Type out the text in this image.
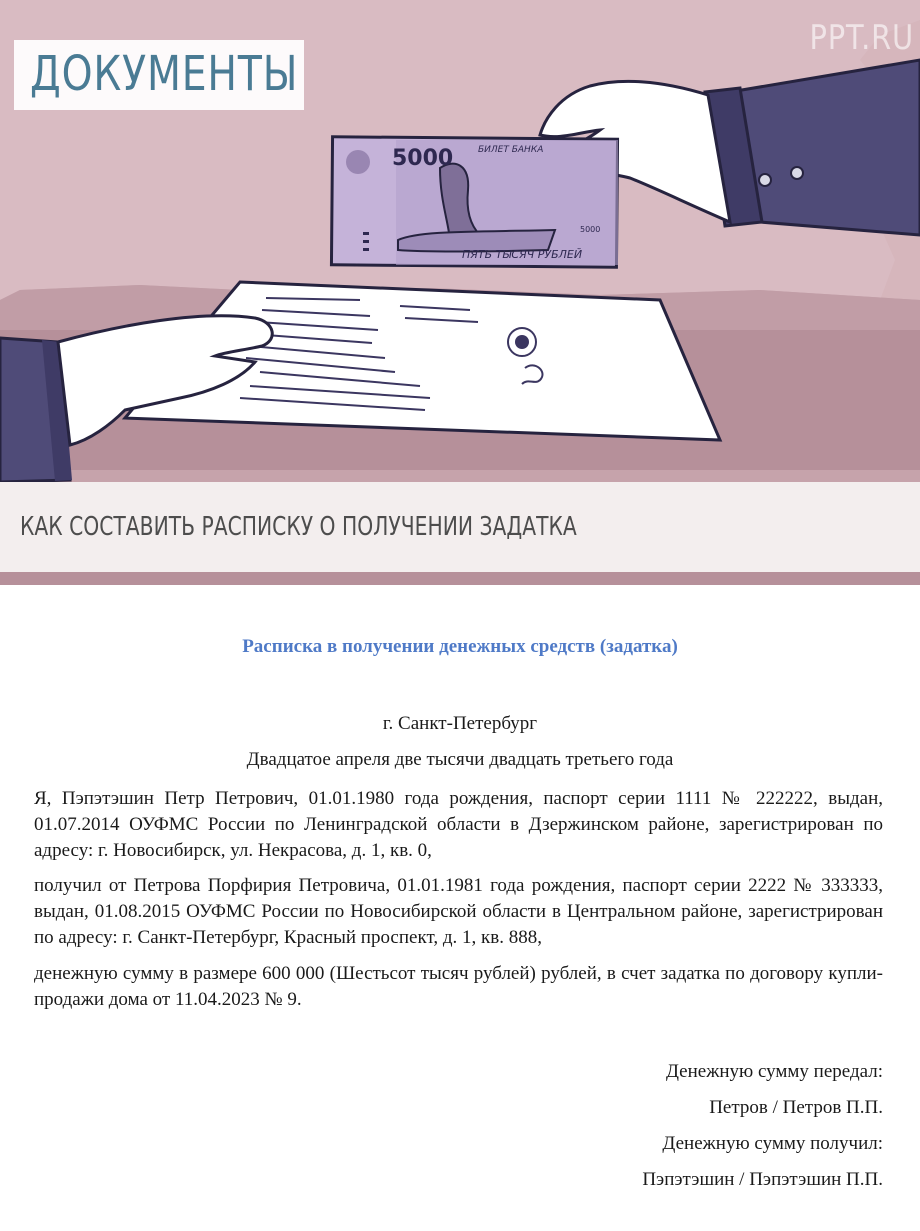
5000	БИЛЕТ БАНКА
ПЯТЬ ТЫСЯЧ РУБЛЕЙ
5000
ДОКУМЕНТЫ
PPT.RU
КАК СОСТАВИТЬ РАСПИСКУ О ПОЛУЧЕНИИ ЗАДАТКА
Расписка в получении денежных средств (задатка)
г. Санкт-Петербург
Двадцатое апреля две тысячи двадцать третьего года

Я, Пэпэтэшин Петр Петрович, 01.01.1980 года рождения, паспорт серии 1111 № 222222, выдан, 01.07.2014 ОУФМС России по Ленинградской области в Дзержинском районе, зарегистрирован по адресу: г. Новосибирск, ул. Некрасова, д. 1, кв. 0,

получил от Петрова Порфирия Петровича, 01.01.1981 года рождения, паспорт серии 2222 № 333333, выдан, 01.08.2015 ОУФМС России по Новосибирской области в Центральном районе, зарегистрирован по адресу: г. Санкт-Петербург, Красный проспект, д. 1, кв. 888,

денежную сумму в размере 600 000 (Шестьсот тысяч рублей) рублей, в счет задатка по договору купли-продажи дома от 11.04.2023 № 9.

Денежную сумму передал:
Петров / Петров П.П.
Денежную сумму получил:
Пэпэтэшин / Пэпэтэшин П.П.
